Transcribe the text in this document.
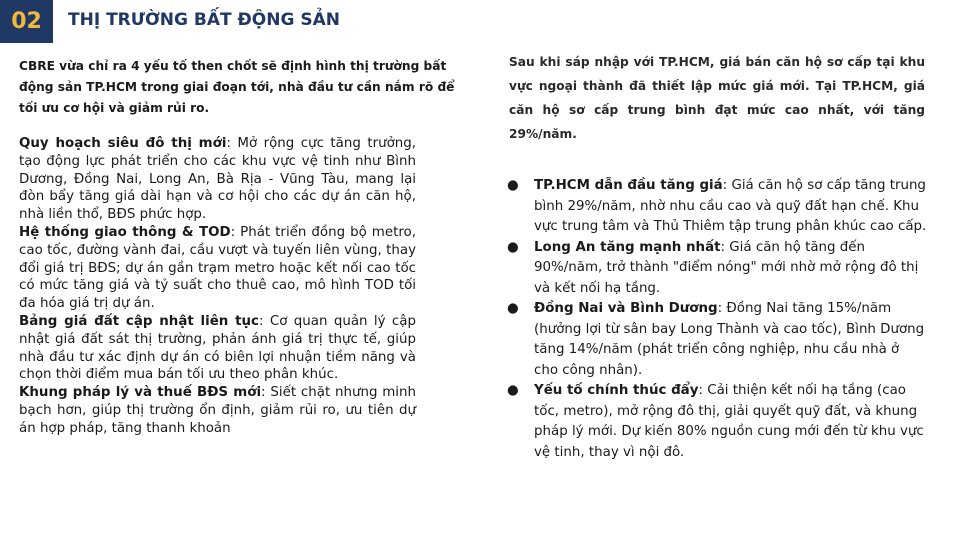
02 THỊ TRƯỜNG BẤT ĐỘNG SẢN
CBRE vừa chỉ ra 4 yếu tố then chốt sẽ định hình thị trường bất động sản TP.HCM trong giai đoạn tới, nhà đầu tư cần nắm rõ để tối ưu cơ hội và giảm rủi ro.

Quy hoạch siêu đô thị mới: Mở rộng cực tăng trưởng, tạo động lực phát triển cho các khu vực vệ tinh như Bình Dương, Đồng Nai, Long An, Bà Rịa - Vũng Tàu, mang lại đòn bẩy tăng giá dài hạn và cơ hội cho các dự án căn hộ, nhà liền thổ, BĐS phức hợp.

Hệ thống giao thông & TOD: Phát triển đồng bộ metro, cao tốc, đường vành đai, cầu vượt và tuyến liên vùng, thay đổi giá trị BĐS; dự án gần trạm metro hoặc kết nối cao tốc có mức tăng giá và tỷ suất cho thuê cao, mô hình TOD tối đa hóa giá trị dự án.

Bảng giá đất cập nhật liên tục: Cơ quan quản lý cập nhật giá đất sát thị trường, phản ánh giá trị thực tế, giúp nhà đầu tư xác định dự án có biên lợi nhuận tiềm năng và chọn thời điểm mua bán tối ưu theo phân khúc.

Khung pháp lý và thuế BĐS mới: Siết chặt nhưng minh bạch hơn, giúp thị trường ổn định, giảm rủi ro, ưu tiên dự án hợp pháp, tăng thanh khoản

Sau khi sáp nhập với TP.HCM, giá bán căn hộ sơ cấp tại khu vực ngoại thành đã thiết lập mức giá mới. Tại TP.HCM, giá căn hộ sơ cấp trung bình đạt mức cao nhất, với tăng 29%/năm.
● TP.HCM dẫn đầu tăng giá: Giá căn hộ sơ cấp tăng trung bình 29%/năm, nhờ nhu cầu cao và quỹ đất hạn chế. Khu vực trung tâm và Thủ Thiêm tập trung phân khúc cao cấp.
● Long An tăng mạnh nhất: Giá căn hộ tăng đến 90%/năm, trở thành "điểm nóng" mới nhờ mở rộng đô thị và kết nối hạ tầng.
● Đồng Nai và Bình Dương: Đồng Nai tăng 15%/năm (hưởng lợi từ sân bay Long Thành và cao tốc), Bình Dương tăng 14%/năm (phát triển công nghiệp, nhu cầu nhà ở cho công nhân).
● Yếu tố chính thúc đẩy: Cải thiện kết nối hạ tầng (cao tốc, metro), mở rộng đô thị, giải quyết quỹ đất, và khung pháp lý mới. Dự kiến 80% nguồn cung mới đến từ khu vực vệ tinh, thay vì nội đô.
